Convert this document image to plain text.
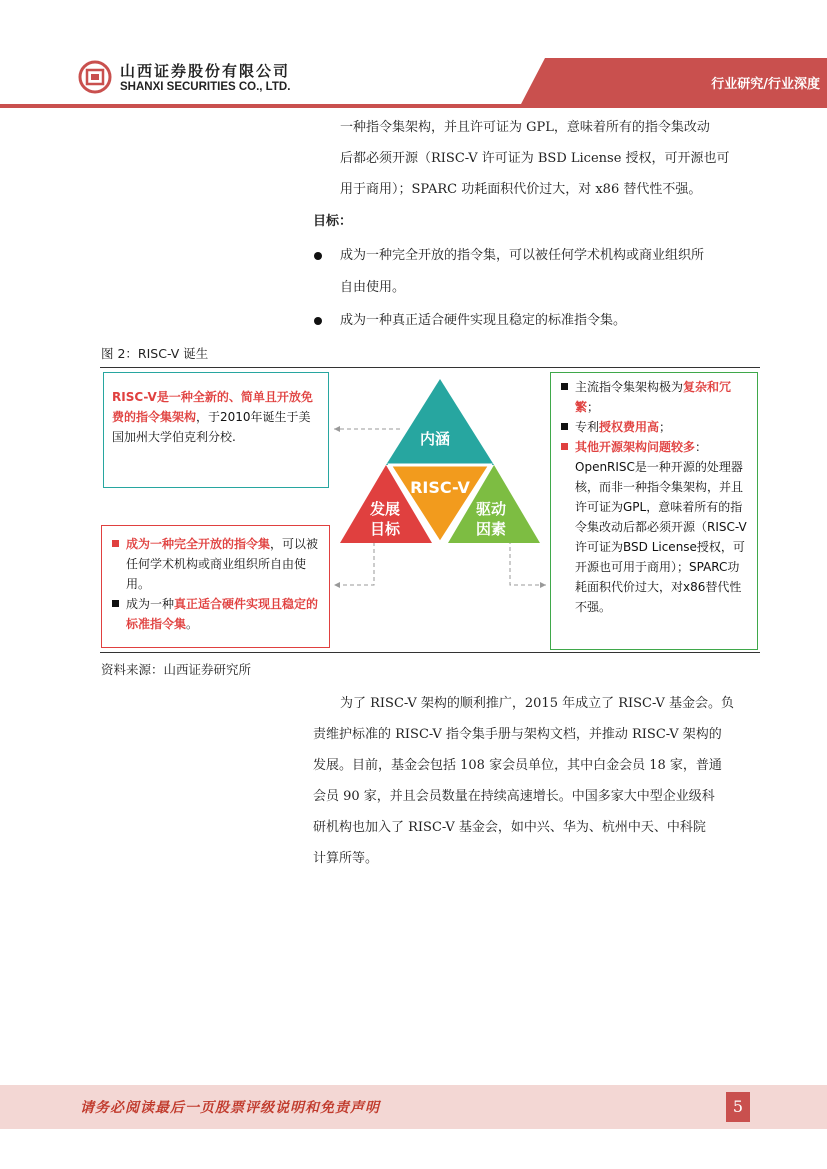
山西证券股份有限公司
SHANXI SECURITIES CO., LTD.	行业研究/行业深度
一种指令集架构，并且许可证为 GPL，意味着所有的指令集改动
后都必须开源（RISC-V 许可证为 BSD License 授权，可开源也可
用于商用）；SPARC 功耗面积代价过大，对 x86 替代性不强。
目标：
成为一种完全开放的指令集，可以被任何学术机构或商业组织所
自由使用。
成为一种真正适合硬件实现且稳定的标准指令集。
图 2：RISC-V 诞生
RISC-V是一种全新的、简单且开放免费的指令集架构，于2010年诞生于美国加州大学伯克利分校.
成为一种完全开放的指令集，可以被任何学术机构或商业组织所自由使用。
成为一种真正适合硬件实现且稳定的标准指令集。
主流指令集架构极为复杂和冗繁；
专利授权费用高；
其他开源架构问题较多：OpenRISC是一种开源的处理器核，而非一种指令集架构，并且许可证为GPL，意味着所有的指令集改动后都必须开源（RISC-V许可证为BSD License授权，可开源也可用于商用）；SPARC功耗面积代价过大，对x86替代性不强。
内涵
RISC-V
发展
目标
驱动
因素
资料来源：山西证券研究所
为了 RISC-V 架构的顺利推广，2015 年成立了 RISC-V 基金会。负
责维护标准的 RISC-V 指令集手册与架构文档，并推动 RISC-V 架构的
发展。目前，基金会包括 108 家会员单位，其中白金会员 18 家，普通
会员 90 家，并且会员数量在持续高速增长。中国多家大中型企业级科
研机构也加入了 RISC-V 基金会，如中兴、华为、杭州中天、中科院
计算所等。
请务必阅读最后一页股票评级说明和免责声明	5
